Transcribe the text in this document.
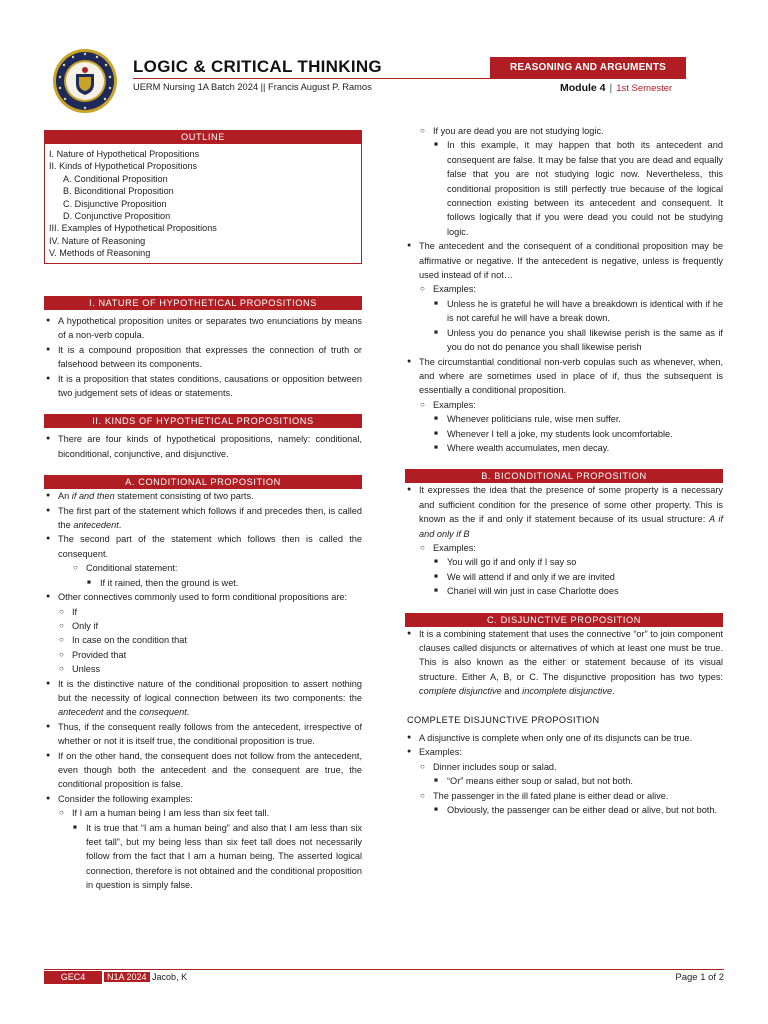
LOGIC & CRITICAL THINKING
UERM Nursing 1A Batch 2024 || Francis August P. Ramos
REASONING AND ARGUMENTS
Module 4 | 1st Semester
OUTLINE
I. Nature of Hypothetical Propositions
II. Kinds of Hypothetical Propositions
A. Conditional Proposition
B. Biconditional Proposition
C. Disjunctive Proposition
D. Conjunctive Proposition
III. Examples of Hypothetical Propositions
IV. Nature of Reasoning
V. Methods of Reasoning
I. NATURE OF HYPOTHETICAL PROPOSITIONS
● A hypothetical proposition unites or separates two enunciations by means of a non-verb copula.
● It is a compound proposition that expresses the connection of truth or falsehood between its components.
● It is a proposition that states conditions, causations or opposition between two judgement sets of ideas or statements.
II. KINDS OF HYPOTHETICAL PROPOSITIONS
● There are four kinds of hypothetical propositions, namely: conditional, biconditional, conjunctive, and disjunctive.
A. CONDITIONAL PROPOSITION
● An if and then statement consisting of two parts.
● The first part of the statement which follows if and precedes then, is called the antecedent.
● The second part of the statement which follows then is called the consequent.
○ Conditional statement:
■ If it rained, then the ground is wet.
● Other connectives commonly used to form conditional propositions are:
○ If
○ Only if
○ In case on the condition that
○ Provided that
○ Unless
● It is the distinctive nature of the conditional proposition to assert nothing but the necessity of logical connection between its two components: the antecedent and the consequent.
● Thus, if the consequent really follows from the antecedent, irrespective of whether or not it is itself true, the conditional proposition is true.
● If on the other hand, the consequent does not follow from the antecedent, even though both the antecedent and the consequent are true, the conditional proposition is false.
● Consider the following examples:
○ If I am a human being I am less than six feet tall.
■ It is true that “I am a human being” and also that I am less than six feet tall”, but my being less than six feet tall does not necessarily follow from the fact that I am a human being. The asserted logical connection, therefore is not obtained and the conditional proposition in question is simply false.
○ If you are dead you are not studying logic.
■ In this example, it may happen that both its antecedent and consequent are false. It may be false that you are dead and equally false that you are not studying logic now. Nevertheless, this conditional proposition is still perfectly true because of the logical connection existing between its antecedent and consequent. It follows logically that if you were dead you could not be studying logic.
● The antecedent and the consequent of a conditional proposition may be affirmative or negative. If the antecedent is negative, unless is frequently used instead of if not…
○ Examples:
■ Unless he is grateful he will have a breakdown is identical with if he is not careful he will have a break down.
■ Unless you do penance you shall likewise perish is the same as if you do not do penance you shall likewise perish
● The circumstantial conditional non-verb copulas such as whenever, when, and where are sometimes used in place of if, thus the subsequent is essentially a conditional proposition.
○ Examples:
■ Whenever politicians rule, wise men suffer.
■ Whenever I tell a joke, my students look uncomfortable.
■ Where wealth accumulates, men decay.
B. BICONDITIONAL PROPOSITION
● It expresses the idea that the presence of some property is a necessary and sufficient condition for the presence of some other property. This is known as the if and only if statement because of its usual structure: A if and only if B
○ Examples:
■ You will go if and only if I say so
■ We will attend if and only if we are invited
■ Chariel will win just in case Charlotte does
C. DISJUNCTIVE PROPOSITION
● It is a combining statement that uses the connective “or” to join component clauses called disjuncts or alternatives of which at least one must be true. This is also known as the either or statement because of its visual structure. Either A, B, or C. The disjunctive proposition has two types: complete disjunctive and incomplete disjunctive.
COMPLETE DISJUNCTIVE PROPOSITION
● A disjunctive is complete when only one of its disjuncts can be true.
● Examples:
○ Dinner includes soup or salad.
■ “Or” means either soup or salad, but not both.
○ The passenger in the ill fated plane is either dead or alive.
■ Obviously, the passenger can be either dead or alive, but not both.
GEC4	N1A 2024 Jacob, K	Page 1 of 2
